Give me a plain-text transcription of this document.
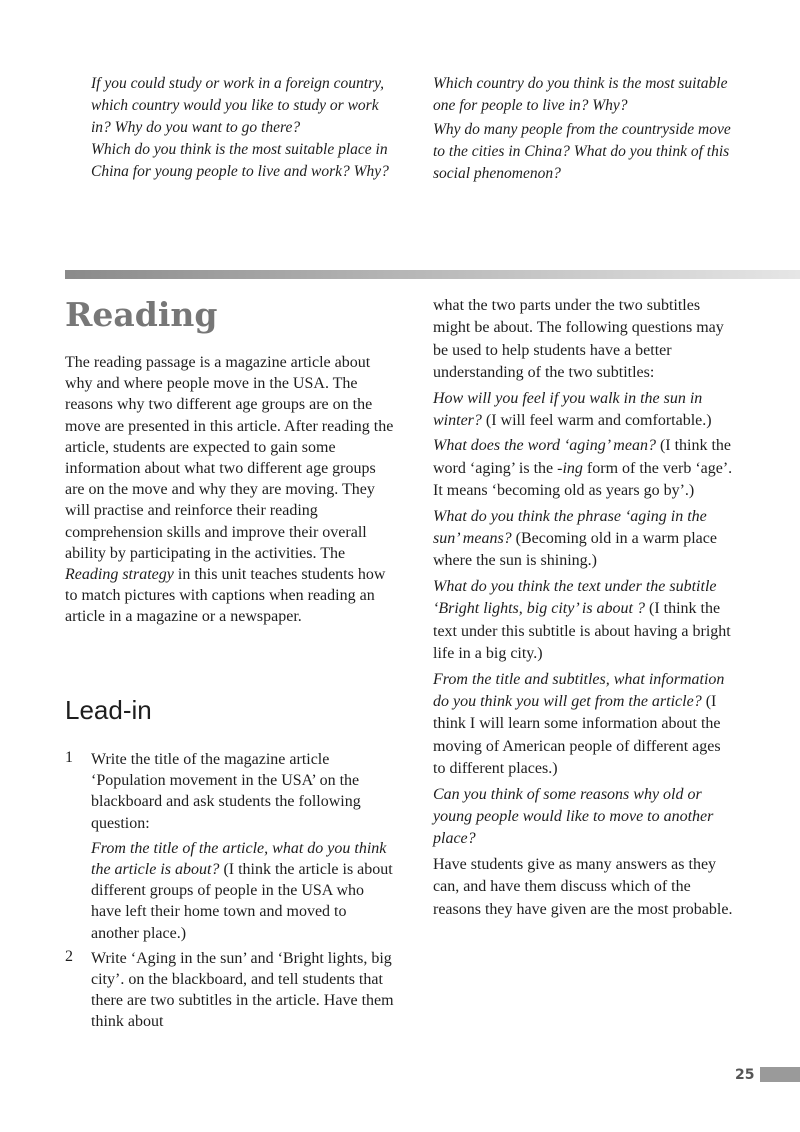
If you could study or work in a foreign country, which country would you like to study or work in? Why do you want to go there?

Which do you think is the most suitable place in China for young people to live and work? Why?

Which country do you think is the most suitable one for people to live in? Why?

Why do many people from the countryside move to the cities in China? What do you think of this social phenomenon?

Reading

The reading passage is a magazine article about why and where people move in the USA. The reasons why two different age groups are on the move are presented in this article. After reading the article, students are expected to gain some information about what two different age groups are on the move and why they are moving. They will practise and reinforce their reading comprehension skills and improve their overall ability by participating in the activities. The Reading strategy in this unit teaches students how to match pictures with captions when reading an article in a magazine or a newspaper.

Lead-in
1 Write the title of the magazine article ‘Population movement in the USA’ on the blackboard and ask students the following question:

From the title of the article, what do you think the article is about? (I think the article is about different groups of people in the USA who have left their home town and moved to another place.)

2 Write ‘Aging in the sun’ and ‘Bright lights, big city’. on the blackboard, and tell students that there are two subtitles in the article. Have them think about

what the two parts under the two subtitles might be about. The following questions may be used to help students have a better understanding of the two subtitles:

How will you feel if you walk in the sun in winter? (I will feel warm and comfortable.)

What does the word ‘aging’ mean? (I think the word ‘aging’ is the -ing form of the verb ‘age’. It means ‘becoming old as years go by’.)

What do you think the phrase ‘aging in the sun’ means? (Becoming old in a warm place where the sun is shining.)

What do you think the text under the subtitle ‘Bright lights, big city’ is about ? (I think the text under this subtitle is about having a bright life in a big city.)

From the title and subtitles, what information do you think you will get from the article? (I think I will learn some information about the moving of American people of different ages to different places.)

Can you think of some reasons why old or young people would like to move to another place?

Have students give as many answers as they can, and have them discuss which of the reasons they have given are the most probable.

25
